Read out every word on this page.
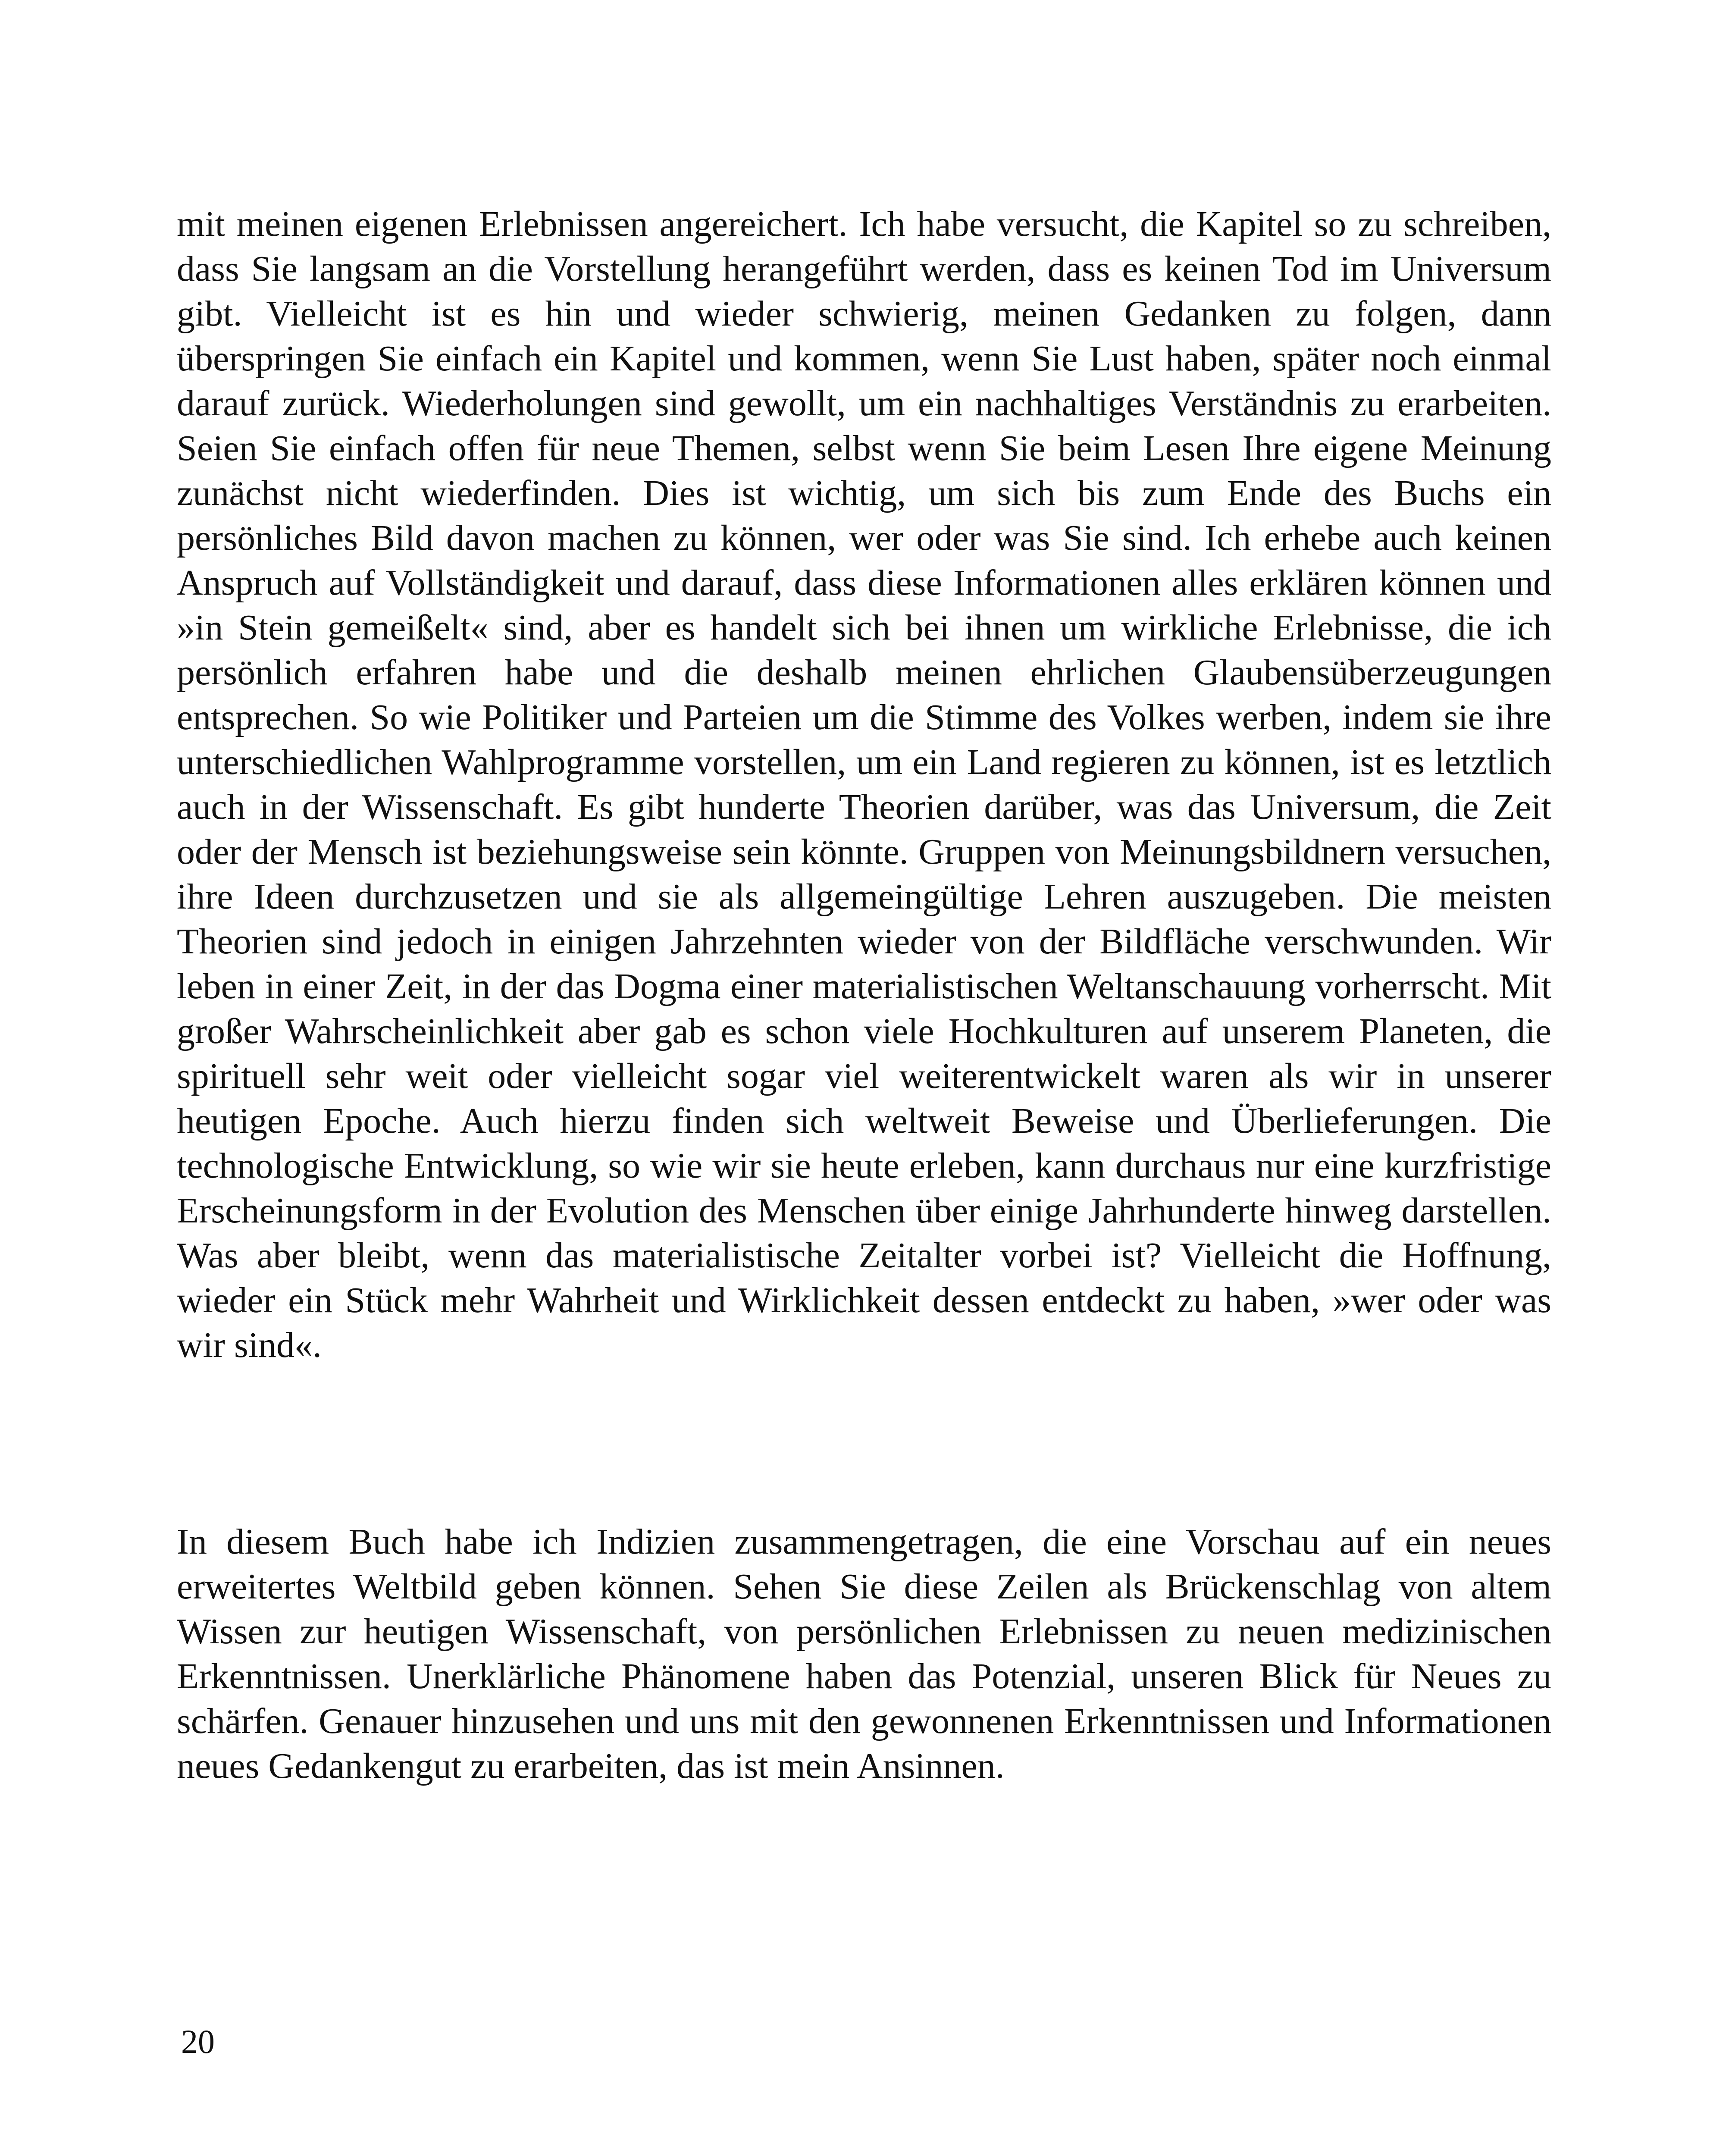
mit meinen eigenen Erlebnissen angereichert. Ich habe versucht, die Kapitel so zu schreiben, dass Sie langsam an die Vorstellung herangeführt werden, dass es keinen Tod im Universum gibt. Vielleicht ist es hin und wieder schwierig, meinen Gedanken zu folgen, dann überspringen Sie einfach ein Kapitel und kommen, wenn Sie Lust haben, später noch einmal darauf zurück. Wiederholungen sind gewollt, um ein nachhaltiges Verständnis zu erarbeiten. Seien Sie einfach offen für neue Themen, selbst wenn Sie beim Lesen Ihre eigene Meinung zunächst nicht wiederfinden. Dies ist wichtig, um sich bis zum Ende des Buchs ein persönliches Bild davon machen zu können, wer oder was Sie sind. Ich erhebe auch keinen Anspruch auf Vollständigkeit und darauf, dass diese Informationen alles erklären können und »in Stein gemeißelt« sind, aber es handelt sich bei ihnen um wirkliche Erlebnisse, die ich persönlich erfahren habe und die deshalb meinen ehrlichen Glaubensüberzeugungen entsprechen. So wie Politiker und Parteien um die Stimme des Volkes werben, indem sie ihre unterschiedlichen Wahlprogramme vorstellen, um ein Land regieren zu können, ist es letztlich auch in der Wissenschaft. Es gibt hunderte Theorien darüber, was das Universum, die Zeit oder der Mensch ist beziehungsweise sein könnte. Gruppen von Meinungsbildnern versuchen, ihre Ideen durchzusetzen und sie als allgemeingültige Lehren auszugeben. Die meisten Theorien sind jedoch in einigen Jahrzehnten wieder von der Bildfläche verschwunden. Wir leben in einer Zeit, in der das Dogma einer materialistischen Weltanschauung vorherrscht. Mit großer Wahrscheinlichkeit aber gab es schon viele Hochkulturen auf unserem Planeten, die spirituell sehr weit oder vielleicht sogar viel weiterentwickelt waren als wir in unserer heutigen Epoche. Auch hierzu finden sich weltweit Beweise und Überlieferungen. Die technologische Entwicklung, so wie wir sie heute erleben, kann durchaus nur eine kurzfristige Erscheinungsform in der Evolution des Menschen über einige Jahrhunderte hinweg darstellen. Was aber bleibt, wenn das materialistische Zeitalter vorbei ist? Vielleicht die Hoffnung, wieder ein Stück mehr Wahrheit und Wirklichkeit dessen entdeckt zu haben, »wer oder was wir sind«.

In diesem Buch habe ich Indizien zusammengetragen, die eine Vorschau auf ein neues erweitertes Weltbild geben können. Sehen Sie diese Zeilen als Brückenschlag von altem Wissen zur heutigen Wissenschaft, von persönlichen Erlebnissen zu neuen medizinischen Erkenntnissen. Unerklärliche Phänomene haben das Potenzial, unseren Blick für Neues zu schärfen. Genauer hinzusehen und uns mit den gewonnenen Erkenntnissen und Informationen neues Gedankengut zu erarbeiten, das ist mein Ansinnen.

20
